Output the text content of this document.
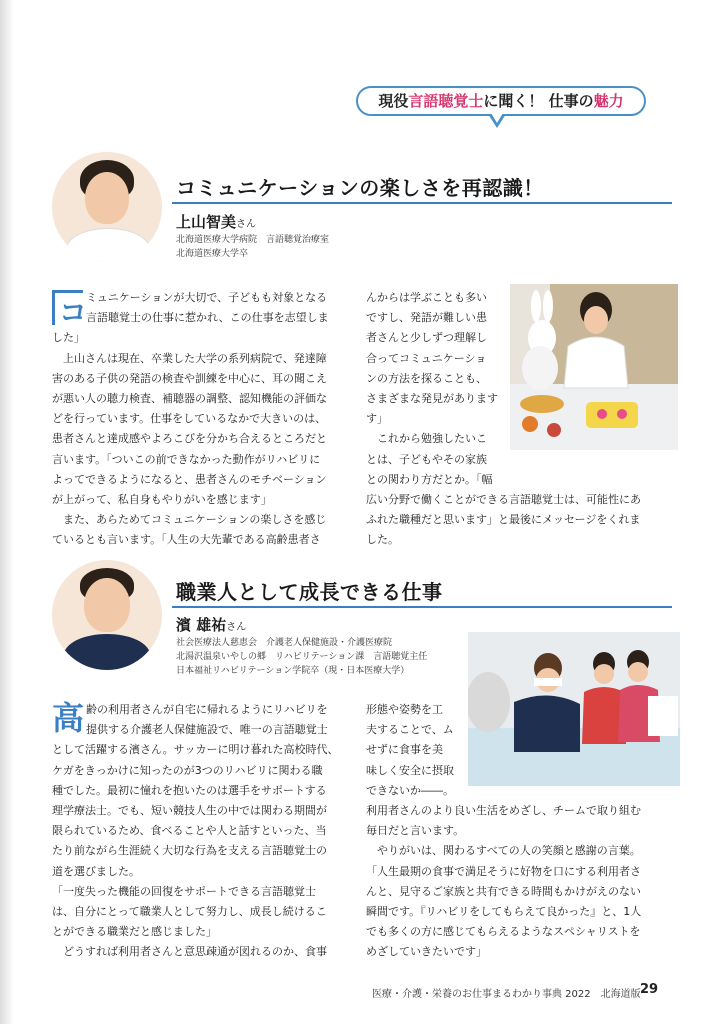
現役言語聴覚士に聞く！ 仕事の魅力
コミュニケーションの楽しさを再認識！
上山智美さん
北海道医療大学病院　言語聴覚治療室
北海道医療大学卒
コ

ミュニケーションが大切で、子どもも対象となる

言語聴覚士の仕事に惹かれ、この仕事を志望しま

した」

　上山さんは現在、卒業した大学の系列病院で、発達障

害のある子供の発語の検査や訓練を中心に、耳の聞こえ

が悪い人の聴力検査、補聴器の調整、認知機能の評価な

どを行っています。仕事をしているなかで大きいのは、

患者さんと達成感やよろこびを分かち合えるところだと

言います。「ついこの前できなかった動作がリハビリに

よってできるようになると、患者さんのモチベーション

が上がって、私自身もやりがいを感じます」

　また、あらためてコミュニケーションの楽しさを感じ

ているとも言います。「人生の大先輩である高齢患者さ

んからは学ぶことも多い

ですし、発語が難しい患

者さんと少しずつ理解し

合ってコミュニケーショ

ンの方法を探ることも、

さまざまな発見があります

す」

　これから勉強したいこ

とは、子どもやその家族

との関わり方だとか。「幅

広い分野で働くことができる言語聴覚士は、可能性にあ

ふれた職種だと思います」と最後にメッセージをくれま

した。

職業人として成長できる仕事
濱 雄祐さん
社会医療法人慈恵会　介護老人保健施設・介護医療院
北湯沢温泉いやしの郷　リハビリテーション課　言語聴覚主任
日本福祉リハビリテーション学院卒（現・日本医療大学）
高 齢の利用者さんが自宅に帰れるようにリハビリを

提供する介護老人保健施設で、唯一の言語聴覚士

として活躍する濱さん。サッカーに明け暮れた高校時代、

ケガをきっかけに知ったのが3つのリハビリに関わる職

種でした。最初に憧れを抱いたのは選手をサポートする

理学療法士。でも、短い競技人生の中では関わる期間が

限られているため、食べることや人と話すといった、当

たり前ながら生涯続く大切な行為を支える言語聴覚士の

道を選びました。

「一度失った機能の回復をサポートできる言語聴覚士

は、自分にとって職業人として努力し、成長し続けるこ

とができる職業だと感じました」

　どうすれば利用者さんと意思疎通が図れるのか、食事

形態や姿勢を工

夫することで、ム

せずに食事を美

味しく安全に摂取

できないか――。

利用者さんのより良い生活をめざし、チームで取り組む

毎日だと言います。

　やりがいは、関わるすべての人の笑顔と感謝の言葉。

「人生最期の食事で満足そうに好物を口にする利用者さ

んと、見守るご家族と共有できる時間もかけがえのない

瞬間です。『リハビリをしてもらえて良かった』と、1人

でも多くの方に感じてもらえるようなスペシャリストを

めざしていきたいです」

医療・介護・栄養のお仕事まるわかり事典 2022　北海道版 29
